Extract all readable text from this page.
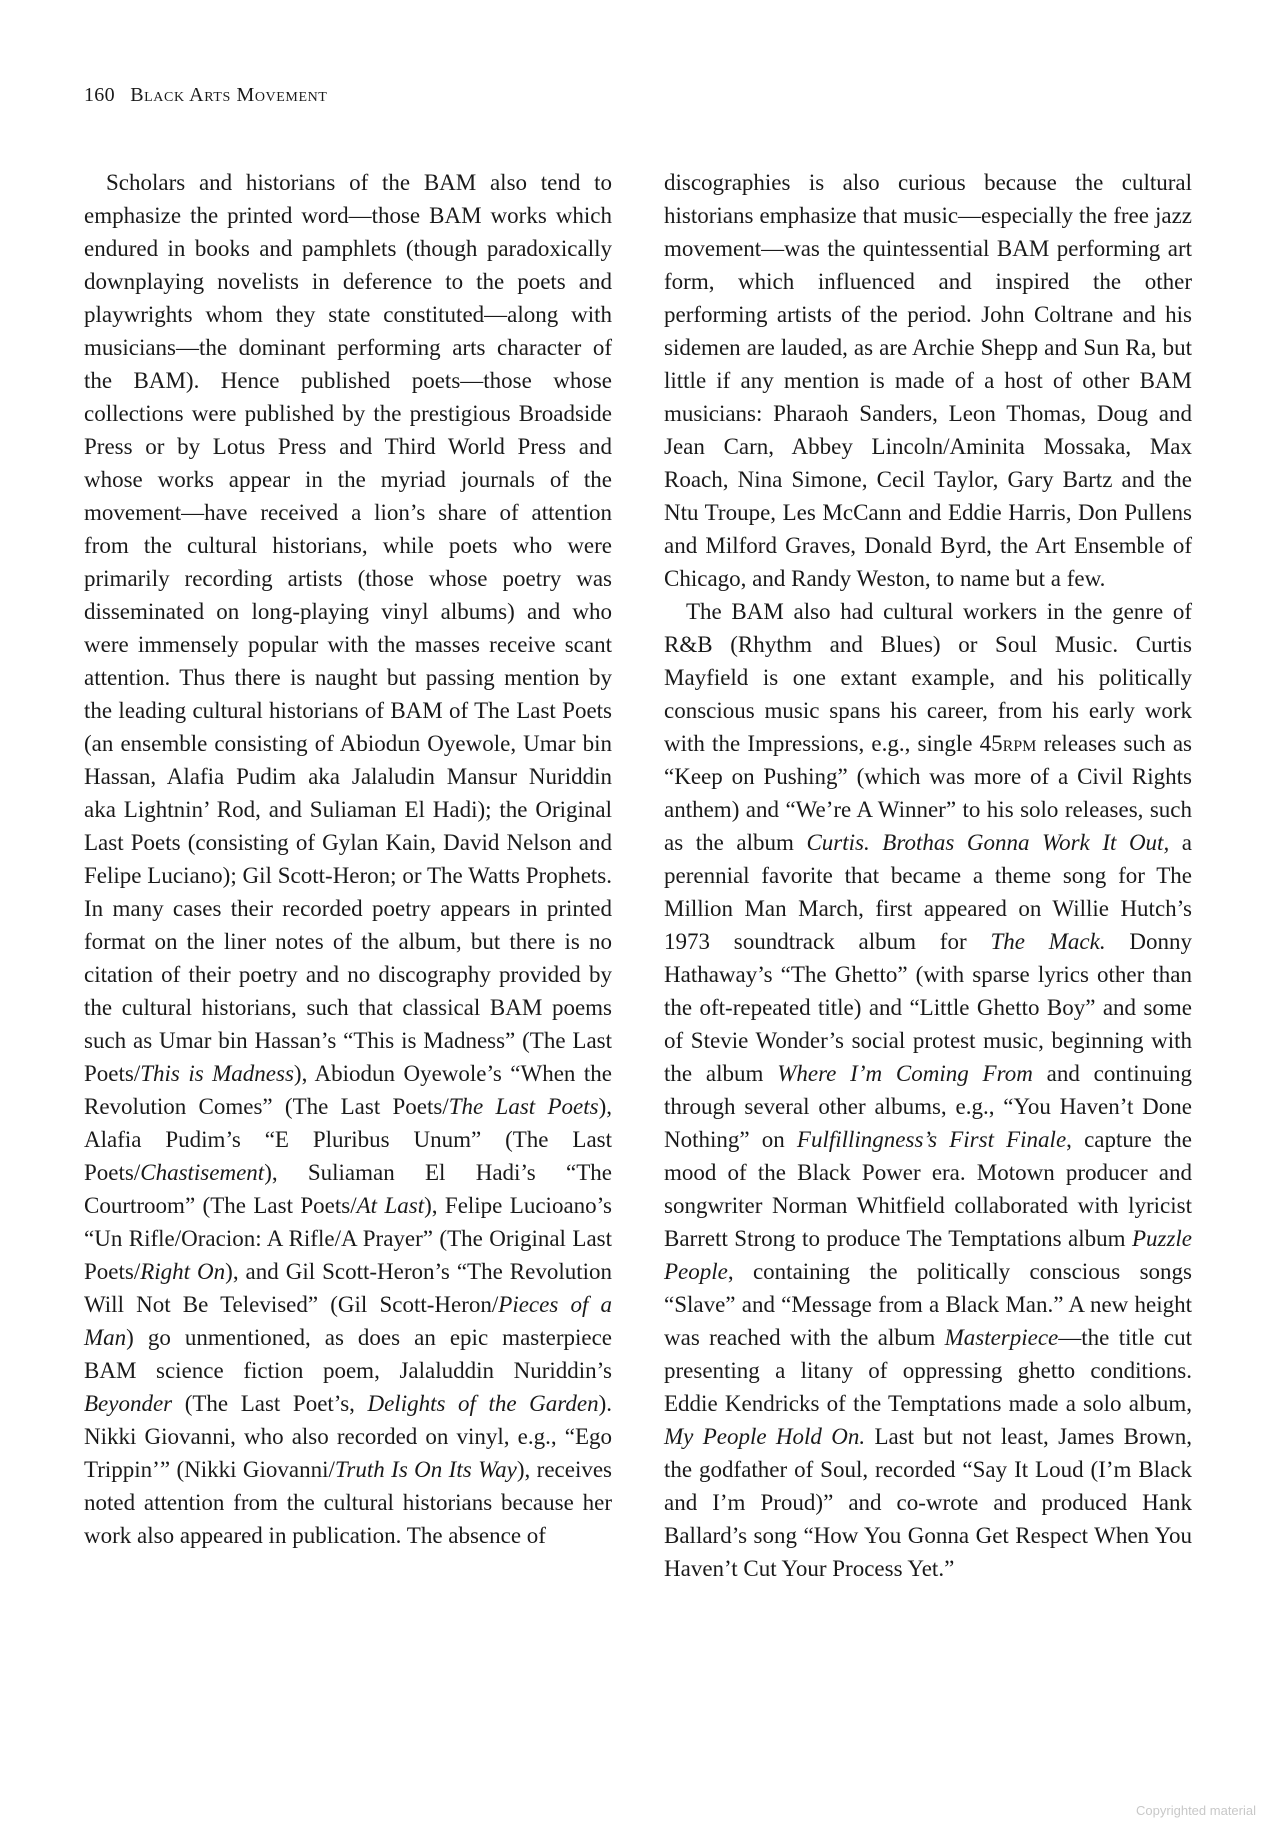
160 Black Arts Movement

Scholars and historians of the BAM also tend to emphasize the printed word—those BAM works which endured in books and pamphlets (though paradoxically downplaying novelists in deference to the poets and playwrights whom they state constituted—along with musicians—the dominant performing arts character of the BAM). Hence published poets—those whose collections were published by the prestigious Broadside Press or by Lotus Press and Third World Press and whose works appear in the myriad journals of the movement—have received a lion’s share of attention from the cultural historians, while poets who were primarily recording artists (those whose poetry was disseminated on long-playing vinyl albums) and who were immensely popular with the masses receive scant attention. Thus there is naught but passing mention by the leading cultural historians of BAM of The Last Poets (an ensemble consisting of Abiodun Oyewole, Umar bin Hassan, Alafia Pudim aka Jalaludin Mansur Nuriddin aka Lightnin’ Rod, and Suliaman El Hadi); the Original Last Poets (consisting of Gylan Kain, David Nelson and Felipe Luciano); Gil Scott-Heron; or The Watts Prophets. In many cases their recorded poetry appears in printed format on the liner notes of the album, but there is no citation of their poetry and no discography provided by the cultural historians, such that classical BAM poems such as Umar bin Hassan’s “This is Madness” (The Last Poets/This is Madness), Abiodun Oyewole’s “When the Revolution Comes” (The Last Poets/The Last Poets), Alafia Pudim’s “E Pluribus Unum” (The Last Poets/Chastisement), Suliaman El Hadi’s “The Courtroom” (The Last Poets/At Last), Felipe Lucioano’s “Un Rifle/Oracion: A Rifle/A Prayer” (The Original Last Poets/Right On), and Gil Scott-Heron’s “The Revolution Will Not Be Televised” (Gil Scott-Heron/Pieces of a Man) go unmentioned, as does an epic masterpiece BAM science fiction poem, Jalaluddin Nuriddin’s Beyonder (The Last Poet’s, Delights of the Garden). Nikki Giovanni, who also recorded on vinyl, e.g., “Ego Trippin’” (Nikki Giovanni/Truth Is On Its Way), receives noted attention from the cultural historians because her work also appeared in publication. The absence of

discographies is also curious because the cultural historians emphasize that music—especially the free jazz movement—was the quintessential BAM performing art form, which influenced and inspired the other performing artists of the period. John Coltrane and his sidemen are lauded, as are Archie Shepp and Sun Ra, but little if any mention is made of a host of other BAM musicians: Pharaoh Sanders, Leon Thomas, Doug and Jean Carn, Abbey Lincoln/Aminita Mossaka, Max Roach, Nina Simone, Cecil Taylor, Gary Bartz and the Ntu Troupe, Les McCann and Eddie Harris, Don Pullens and Milford Graves, Donald Byrd, the Art Ensemble of Chicago, and Randy Weston, to name but a few.

The BAM also had cultural workers in the genre of R&B (Rhythm and Blues) or Soul Music. Curtis Mayfield is one extant example, and his politically conscious music spans his career, from his early work with the Impressions, e.g., single 45rpm releases such as “Keep on Pushing” (which was more of a Civil Rights anthem) and “We’re A Winner” to his solo releases, such as the album Curtis. Brothas Gonna Work It Out, a perennial favorite that became a theme song for The Million Man March, first appeared on Willie Hutch’s 1973 soundtrack album for The Mack. Donny Hathaway’s “The Ghetto” (with sparse lyrics other than the oft-repeated title) and “Little Ghetto Boy” and some of Stevie Wonder’s social protest music, beginning with the album Where I’m Coming From and continuing through several other albums, e.g., “You Haven’t Done Nothing” on Fulfillingness’s First Finale, capture the mood of the Black Power era. Motown producer and songwriter Norman Whitfield collaborated with lyricist Barrett Strong to produce The Temptations album Puzzle People, containing the politically conscious songs “Slave” and “Message from a Black Man.” A new height was reached with the album Masterpiece—the title cut presenting a litany of oppressing ghetto conditions. Eddie Kendricks of the Temptations made a solo album, My People Hold On. Last but not least, James Brown, the godfather of Soul, recorded “Say It Loud (I’m Black and I’m Proud)” and co-wrote and produced Hank Ballard’s song “How You Gonna Get Respect When You Haven’t Cut Your Process Yet.”

Copyrighted material
